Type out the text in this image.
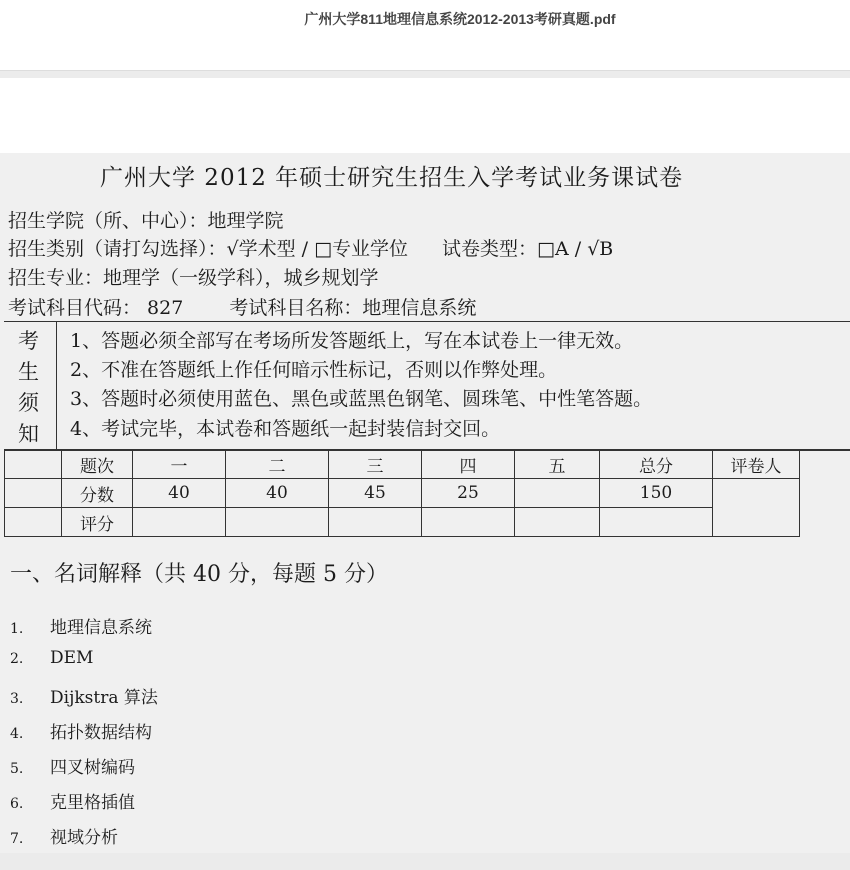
广州大学811地理信息系统2012-2013考研真题.pdf
广州大学 2012 年硕士研究生招生入学考试业务课试卷
招生学院（所、中心）：地理学院
招生类别（请打勾选择）：√学术型 / □专业学位 试卷类型：□A / √B
招生专业：地理学（一级学科），城乡规划学
考试科目代码： 827 考试科目名称：地理信息系统
考
生
须
知
1、答题必须全部写在考场所发答题纸上，写在本试卷上一律无效。
2、不准在答题纸上作任何暗示性标记，否则以作弊处理。
3、答题时必须使用蓝色、黑色或蓝黑色钢笔、圆珠笔、中性笔答题。
4、考试完毕，本试卷和答题纸一起封装信封交回。
	题次	一	二	三	四	五	总分	评卷人
	分数	40	40	45	25		150	
	评分							
一、名词解释（共 40 分，每题 5 分）
1. 地理信息系统
2. DEM
3. Dijkstra 算法
4. 拓扑数据结构
5. 四叉树编码
6. 克里格插值
7. 视域分析
